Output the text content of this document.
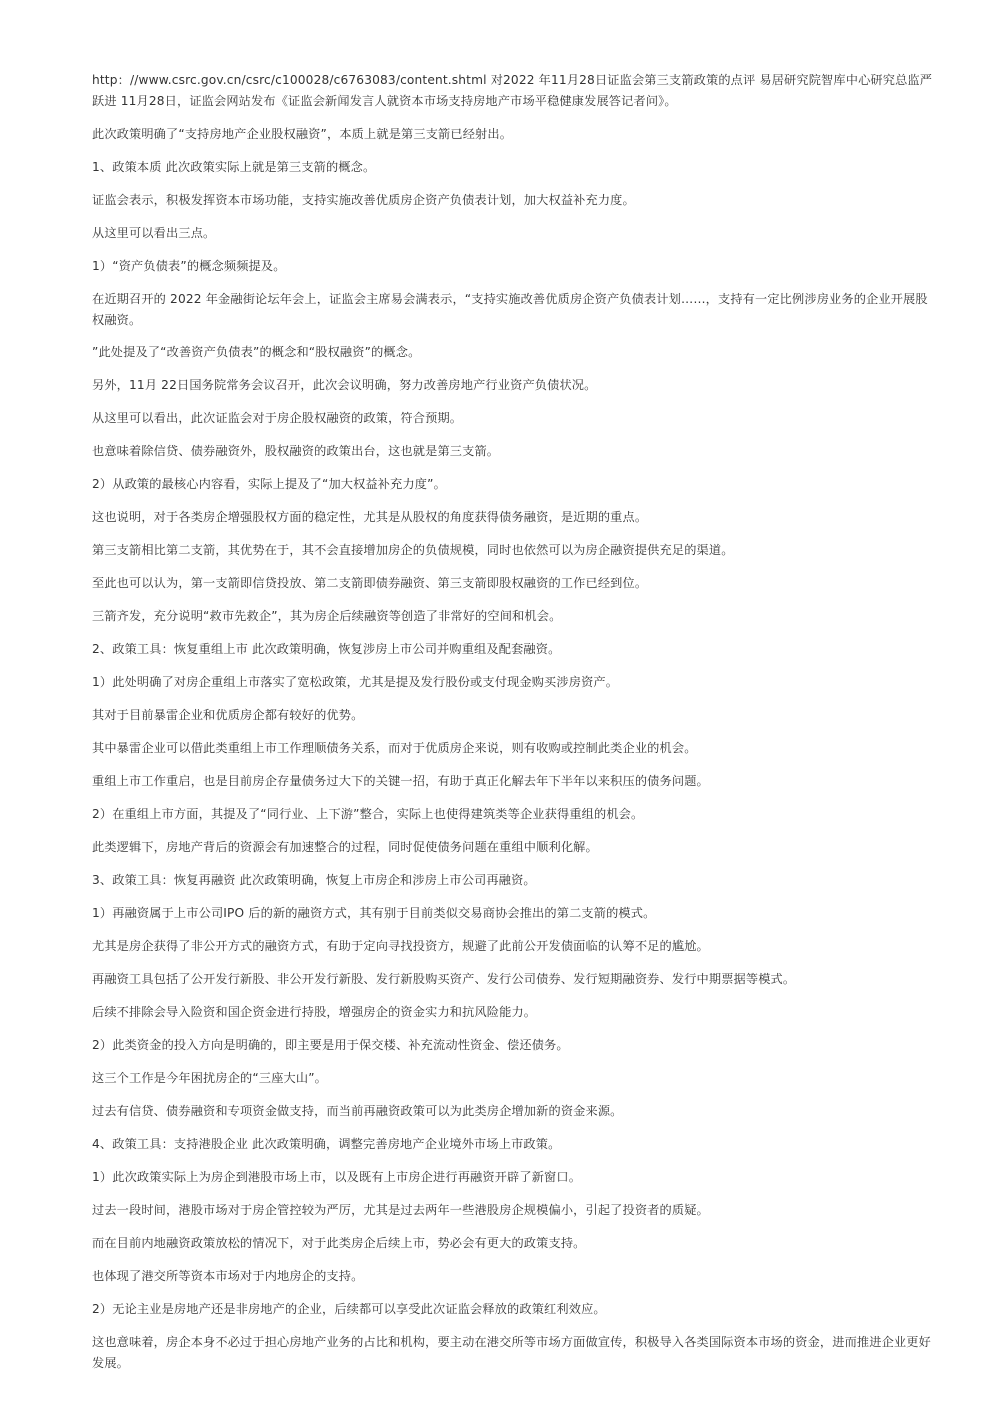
http：//www.csrc.gov.cn/csrc/c100028/c6763083/content.shtml 对2022 年11月28日证监会第三支箭政策的点评 易居研究院智库中心研究总监严跃进 11月28日，证监会网站发布《证监会新闻发言人就资本市场支持房地产市场平稳健康发展答记者问》。

此次政策明确了“支持房地产企业股权融资”，本质上就是第三支箭已经射出。

1、政策本质 此次政策实际上就是第三支箭的概念。

证监会表示，积极发挥资本市场功能，支持实施改善优质房企资产负债表计划，加大权益补充力度。

从这里可以看出三点。

1）“资产负债表”的概念频频提及。

在近期召开的 2022 年金融街论坛年会上，证监会主席易会满表示，“支持实施改善优质房企资产负债表计划……，支持有一定比例涉房业务的企业开展股权融资。

”此处提及了“改善资产负债表”的概念和“股权融资”的概念。

另外，11月 22日国务院常务会议召开，此次会议明确，努力改善房地产行业资产负债状况。

从这里可以看出，此次证监会对于房企股权融资的政策，符合预期。

也意味着除信贷、债券融资外，股权融资的政策出台，这也就是第三支箭。

2）从政策的最核心内容看，实际上提及了“加大权益补充力度”。

这也说明，对于各类房企增强股权方面的稳定性，尤其是从股权的角度获得债务融资，是近期的重点。

第三支箭相比第二支箭，其优势在于，其不会直接增加房企的负债规模，同时也依然可以为房企融资提供充足的渠道。

至此也可以认为，第一支箭即信贷投放、第二支箭即债券融资、第三支箭即股权融资的工作已经到位。

三箭齐发，充分说明“救市先救企”，其为房企后续融资等创造了非常好的空间和机会。

2、政策工具：恢复重组上市 此次政策明确，恢复涉房上市公司并购重组及配套融资。

1）此处明确了对房企重组上市落实了宽松政策，尤其是提及发行股份或支付现金购买涉房资产。

其对于目前暴雷企业和优质房企都有较好的优势。

其中暴雷企业可以借此类重组上市工作理顺债务关系，而对于优质房企来说，则有收购或控制此类企业的机会。

重组上市工作重启，也是目前房企存量债务过大下的关键一招，有助于真正化解去年下半年以来积压的债务问题。

2）在重组上市方面，其提及了“同行业、上下游”整合，实际上也使得建筑类等企业获得重组的机会。

此类逻辑下，房地产背后的资源会有加速整合的过程，同时促使债务问题在重组中顺利化解。

3、政策工具：恢复再融资 此次政策明确，恢复上市房企和涉房上市公司再融资。

1）再融资属于上市公司IPO 后的新的融资方式，其有别于目前类似交易商协会推出的第二支箭的模式。

尤其是房企获得了非公开方式的融资方式，有助于定向寻找投资方，规避了此前公开发债面临的认筹不足的尴尬。

再融资工具包括了公开发行新股、非公开发行新股、发行新股购买资产、发行公司债券、发行短期融资券、发行中期票据等模式。

后续不排除会导入险资和国企资金进行持股，增强房企的资金实力和抗风险能力。

2）此类资金的投入方向是明确的，即主要是用于保交楼、补充流动性资金、偿还债务。

这三个工作是今年困扰房企的“三座大山”。

过去有信贷、债券融资和专项资金做支持，而当前再融资政策可以为此类房企增加新的资金来源。

4、政策工具：支持港股企业 此次政策明确，调整完善房地产企业境外市场上市政策。

1）此次政策实际上为房企到港股市场上市，以及既有上市房企进行再融资开辟了新窗口。

过去一段时间，港股市场对于房企管控较为严厉，尤其是过去两年一些港股房企规模偏小，引起了投资者的质疑。

而在目前内地融资政策放松的情况下，对于此类房企后续上市，势必会有更大的政策支持。

也体现了港交所等资本市场对于内地房企的支持。

2）无论主业是房地产还是非房地产的企业，后续都可以享受此次证监会释放的政策红利效应。

这也意味着，房企本身不必过于担心房地产业务的占比和机构，要主动在港交所等市场方面做宣传，积极导入各类国际资本市场的资金，进而推进企业更好发展。
